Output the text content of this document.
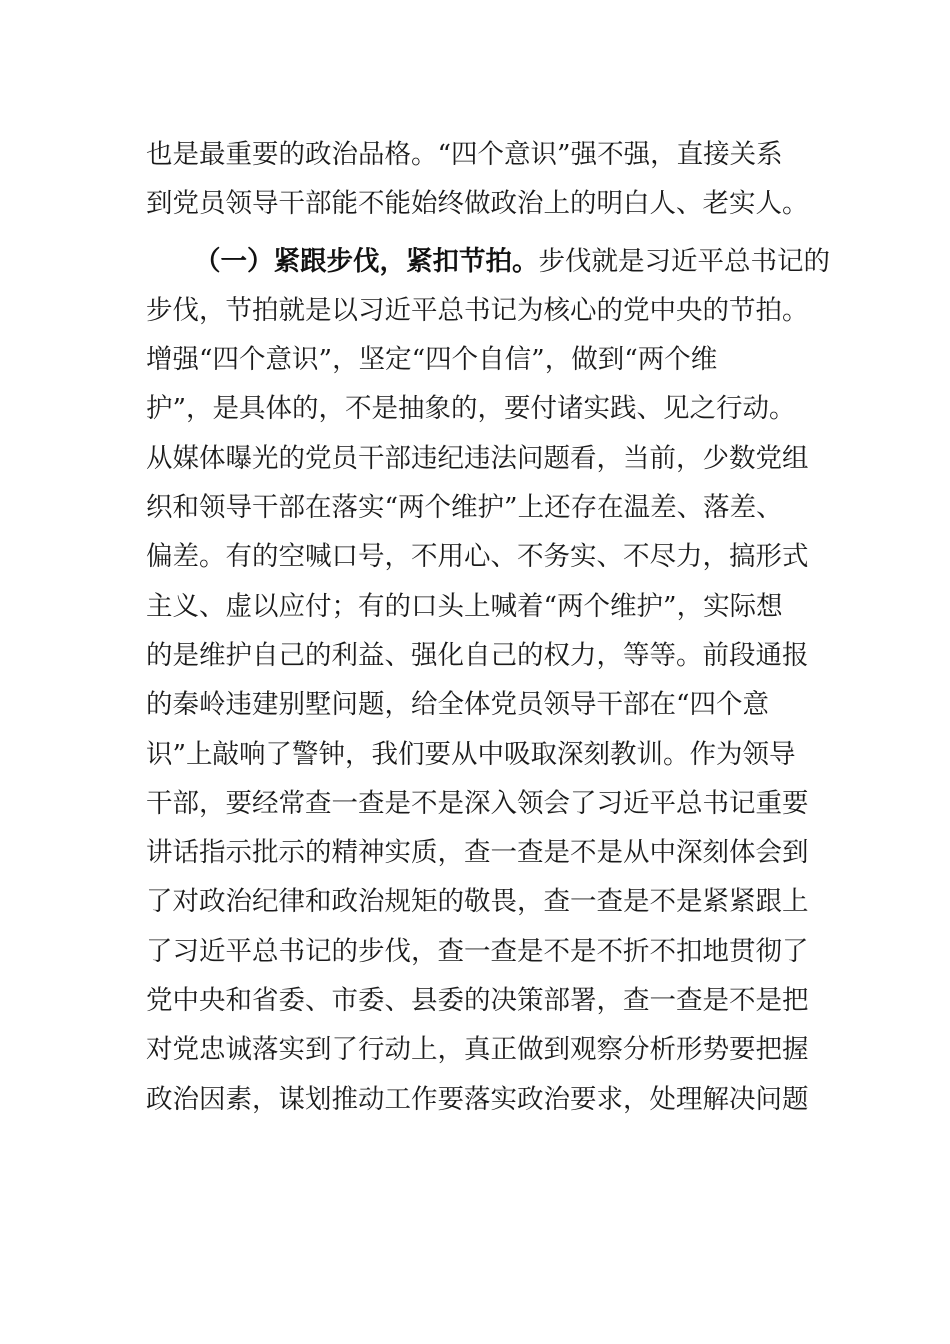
也是最重要的政治品格。“四个意识”强不强，直接关系
到党员领导干部能不能始终做政治上的明白人、老实人。
（一）紧跟步伐，紧扣节拍。步伐就是习近平总书记的
步伐，节拍就是以习近平总书记为核心的党中央的节拍。
增强“四个意识”，坚定“四个自信”，做到“两个维
护”，是具体的，不是抽象的，要付诸实践、见之行动。
从媒体曝光的党员干部违纪违法问题看，当前，少数党组
织和领导干部在落实“两个维护”上还存在温差、落差、
偏差。有的空喊口号，不用心、不务实、不尽力，搞形式
主义、虚以应付；有的口头上喊着“两个维护”，实际想
的是维护自己的利益、强化自己的权力，等等。前段通报
的秦岭违建别墅问题，给全体党员领导干部在“四个意
识”上敲响了警钟，我们要从中吸取深刻教训。作为领导
干部，要经常查一查是不是深入领会了习近平总书记重要
讲话指示批示的精神实质，查一查是不是从中深刻体会到
了对政治纪律和政治规矩的敬畏，查一查是不是紧紧跟上
了习近平总书记的步伐，查一查是不是不折不扣地贯彻了
党中央和省委、市委、县委的决策部署，查一查是不是把
对党忠诚落实到了行动上，真正做到观察分析形势要把握
政治因素，谋划推动工作要落实政治要求，处理解决问题
